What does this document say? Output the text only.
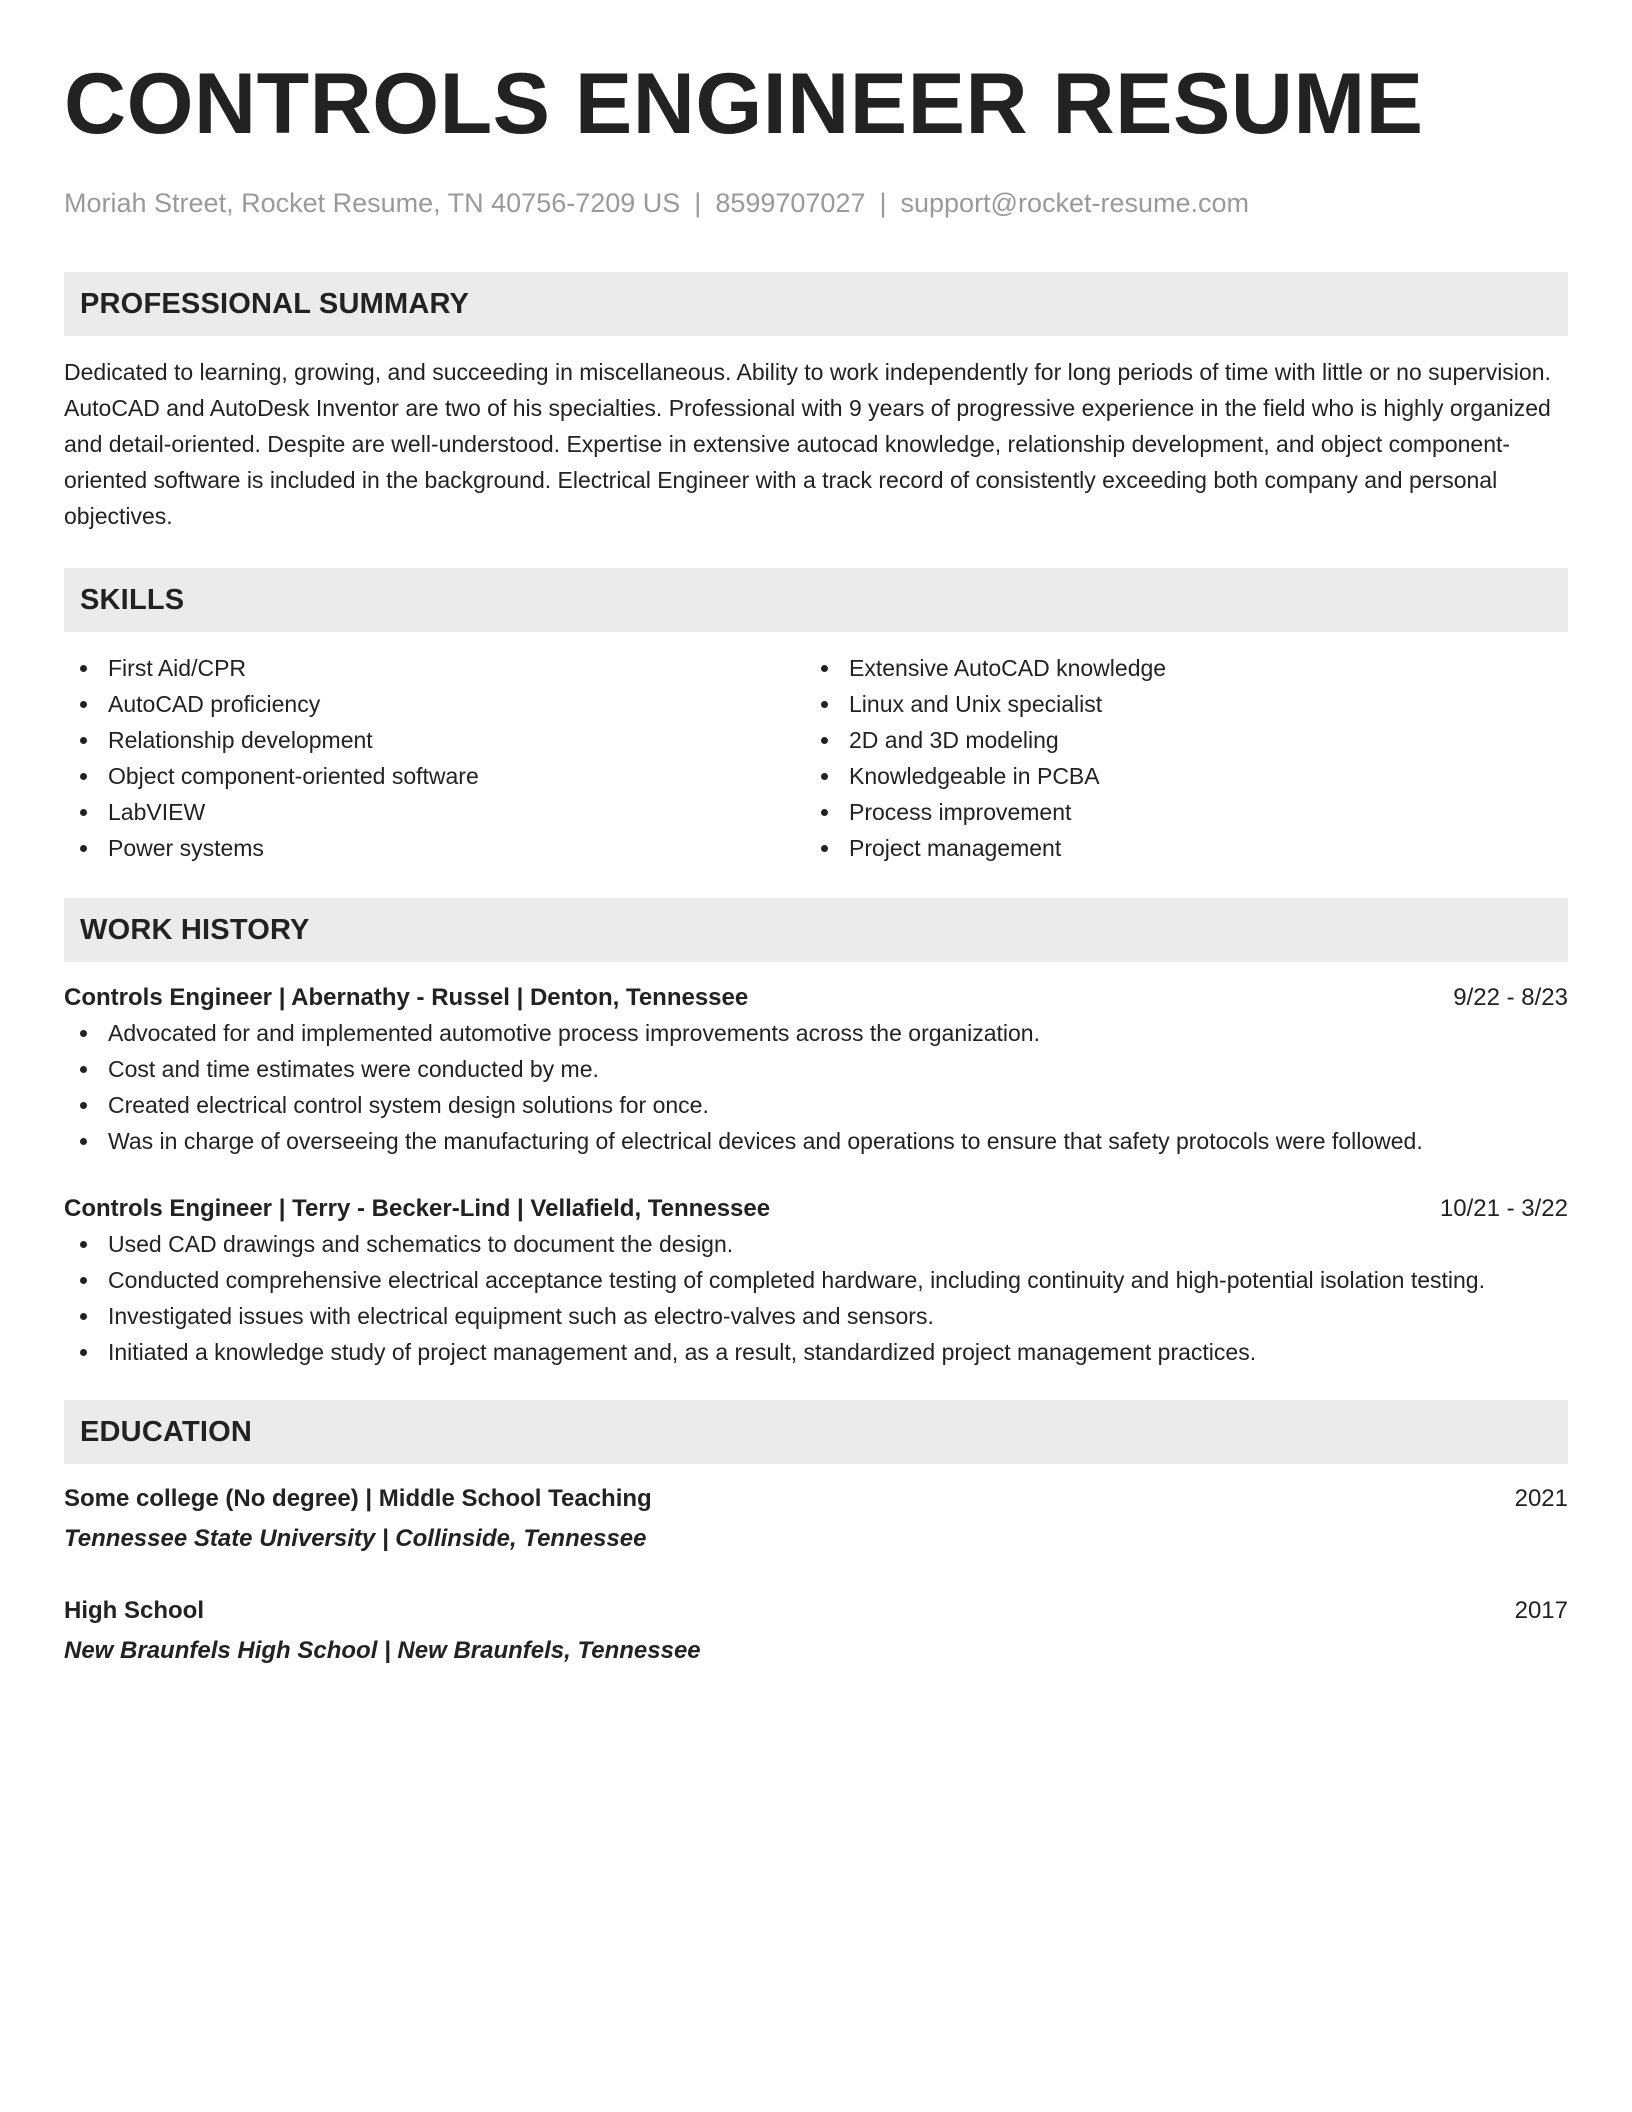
CONTROLS ENGINEER RESUME
Moriah Street, Rocket Resume, TN 40756-7209 US | 8599707027 | support@rocket-resume.com
PROFESSIONAL SUMMARY

Dedicated to learning, growing, and succeeding in miscellaneous. Ability to work independently for long periods of time with little or no supervision. AutoCAD and AutoDesk Inventor are two of his specialties. Professional with 9 years of progressive experience in the field who is highly organized and detail-oriented. Despite are well-understood. Expertise in extensive autocad knowledge, relationship development, and object component-oriented software is included in the background. Electrical Engineer with a track record of consistently exceeding both company and personal objectives.

SKILLS
First Aid/CPR
AutoCAD proficiency
Relationship development
Object component-oriented software
LabVIEW
Power systems
Extensive AutoCAD knowledge
Linux and Unix specialist
2D and 3D modeling
Knowledgeable in PCBA
Process improvement
Project management
WORK HISTORY
Controls Engineer | Abernathy - Russel | Denton, Tennessee	9/22 - 8/23
Advocated for and implemented automotive process improvements across the organization.
Cost and time estimates were conducted by me.
Created electrical control system design solutions for once.
Was in charge of overseeing the manufacturing of electrical devices and operations to ensure that safety protocols were followed.
Controls Engineer | Terry - Becker-Lind | Vellafield, Tennessee	10/21 - 3/22
Used CAD drawings and schematics to document the design.
Conducted comprehensive electrical acceptance testing of completed hardware, including continuity and high-potential isolation testing.
Investigated issues with electrical equipment such as electro-valves and sensors.
Initiated a knowledge study of project management and, as a result, standardized project management practices.
EDUCATION
Some college (No degree) | Middle School Teaching	2021
Tennessee State University | Collinside, Tennessee
High School	2017
New Braunfels High School | New Braunfels, Tennessee
